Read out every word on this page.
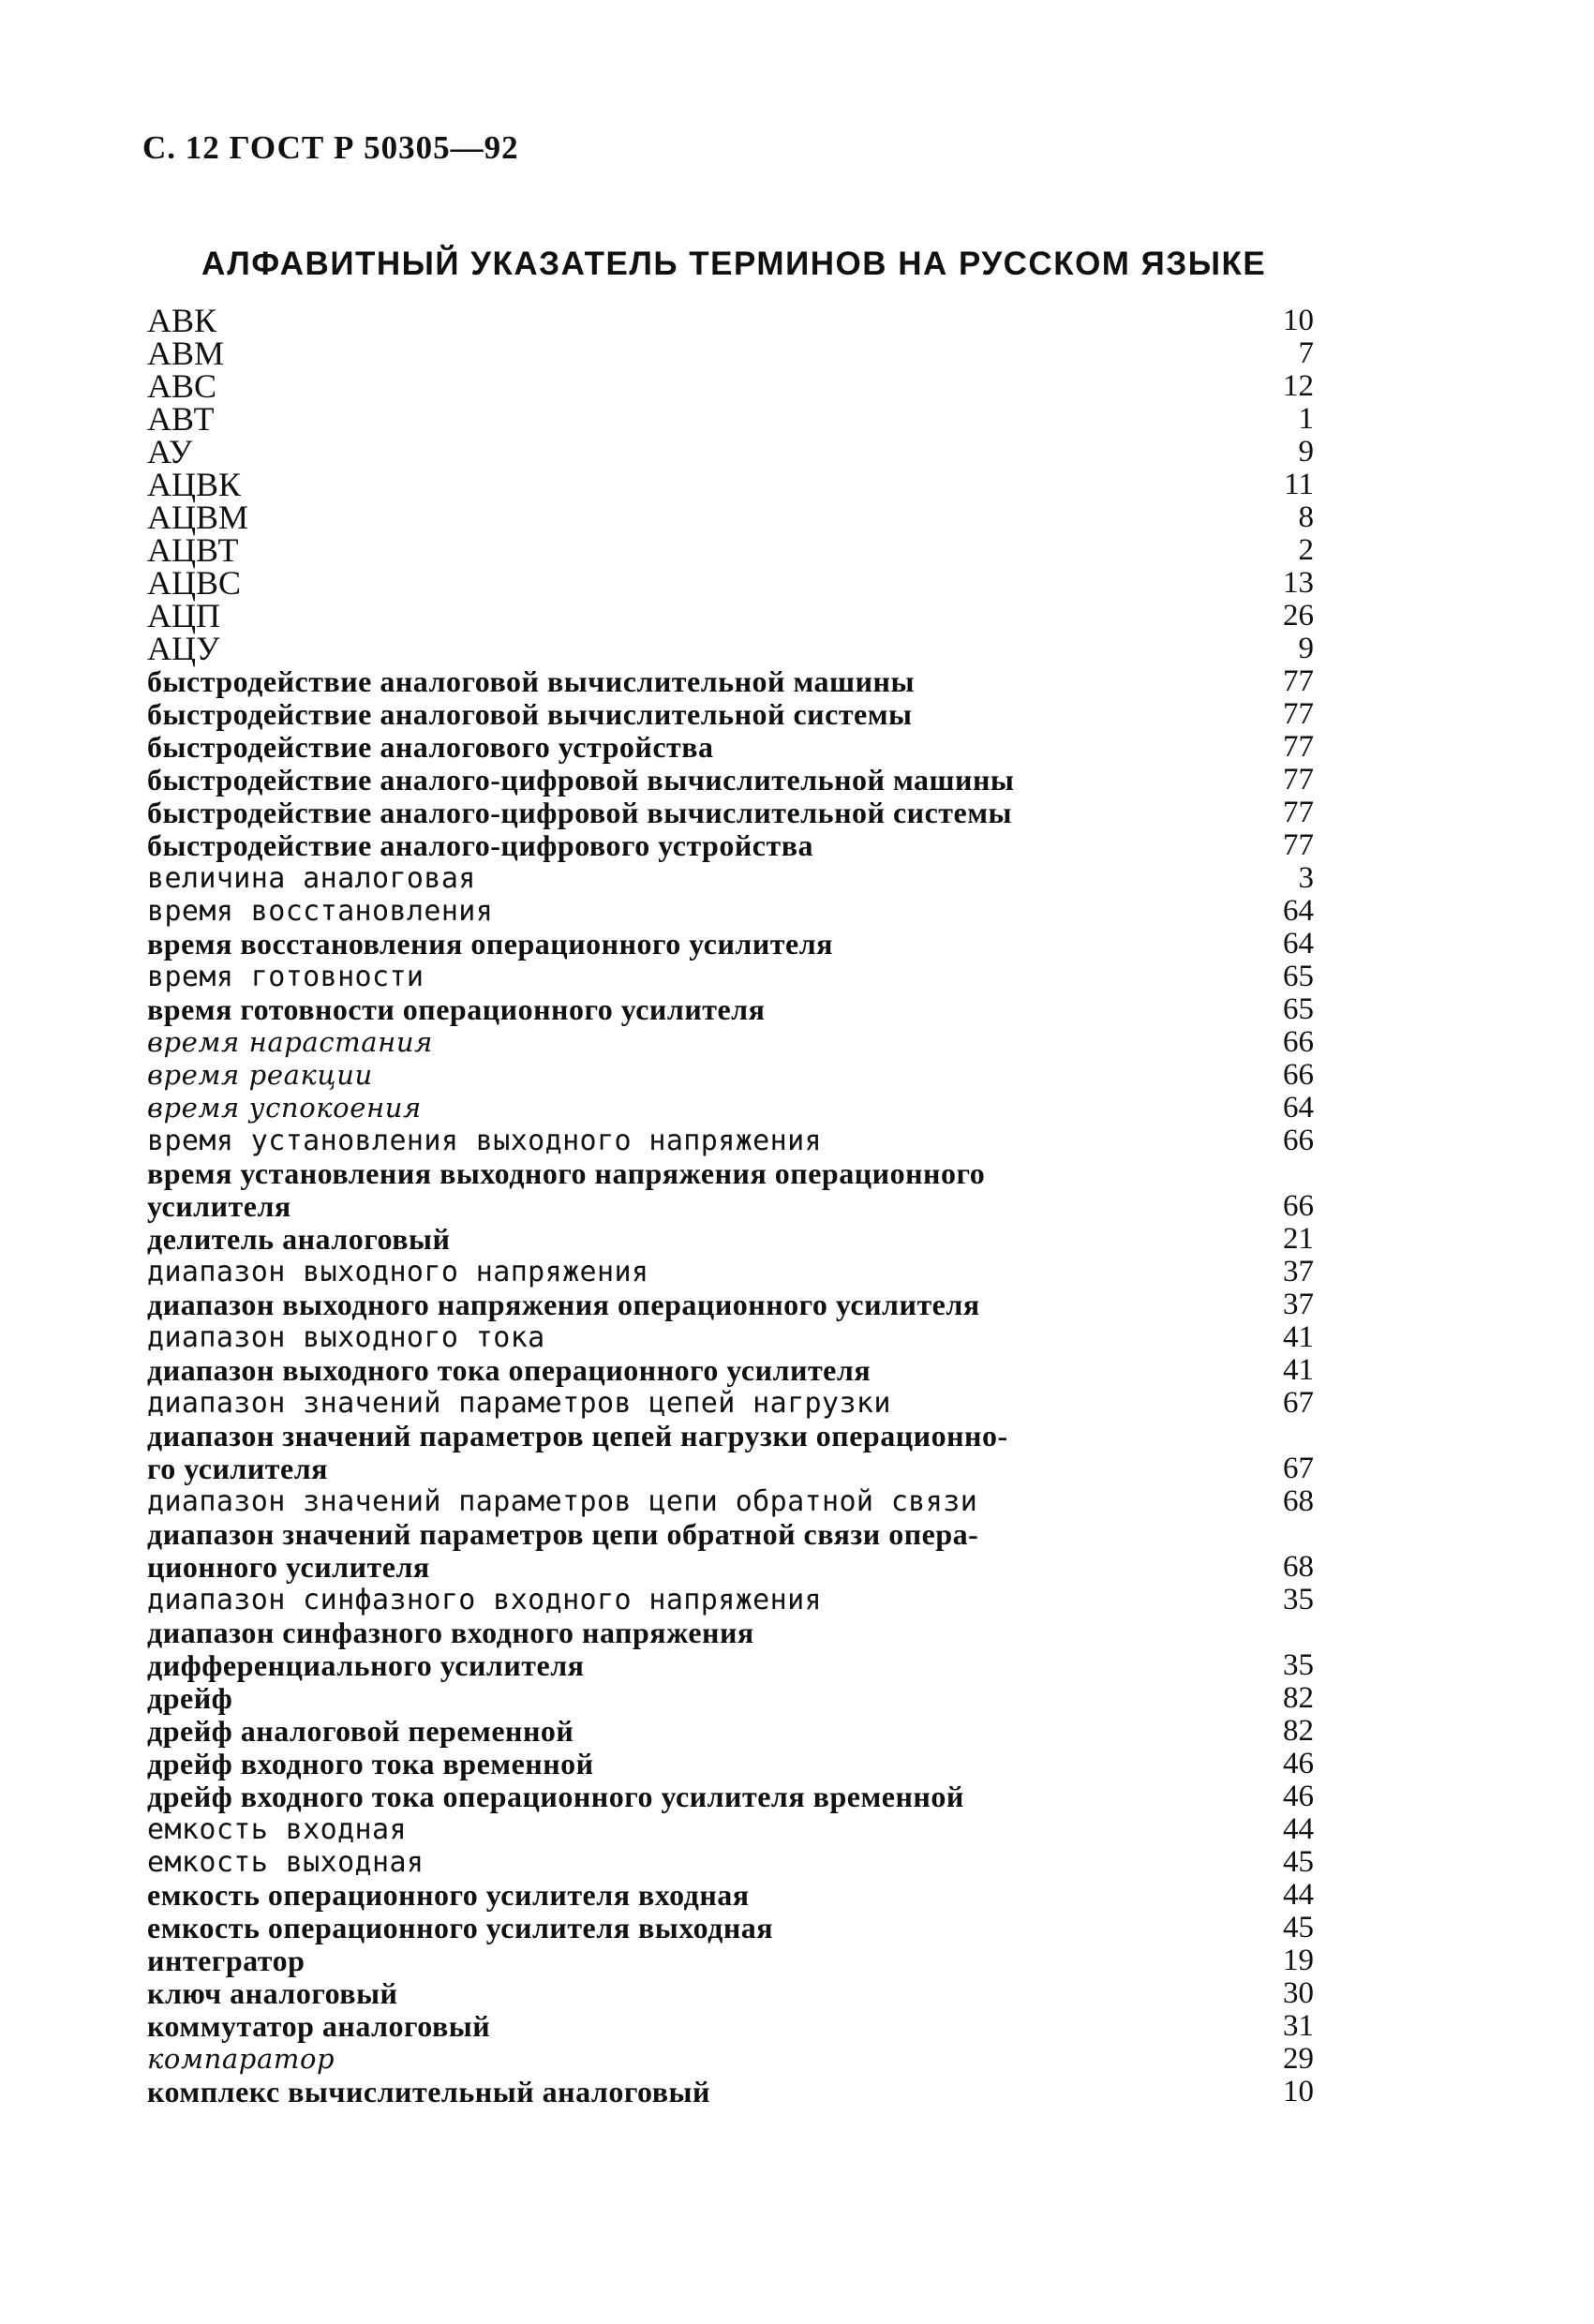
С. 12 ГОСТ Р 50305—92
АЛФАВИТНЫЙ УКАЗАТЕЛЬ ТЕРМИНОВ НА РУССКОМ ЯЗЫКЕ
АВК	10
АВМ	7
АВС	12
АВТ	1
АУ	9
АЦВК	11
АЦВМ	8
АЦВТ	2
АЦВС	13
АЦП	26
АЦУ	9
быстродействие аналоговой вычислительной машины	77
быстродействие аналоговой вычислительной системы	77
быстродействие аналогового устройства	77
быстродействие аналого-цифровой вычислительной машины	77
быстродействие аналого-цифровой вычислительной системы	77
быстродействие аналого-цифрового устройства	77
величина аналоговая	3
время восстановления	64
время восстановления операционного усилителя	64
время готовности	65
время готовности операционного усилителя	65
время нарастания	66
время реакции	66
время успокоения	64
время установления выходного напряжения	66
время установления выходного напряжения операционного
усилителя	66
делитель аналоговый	21
диапазон выходного напряжения	37
диапазон выходного напряжения операционного усилителя	37
диапазон выходного тока	41
диапазон выходного тока операционного усилителя	41
диапазон значений параметров цепей нагрузки	67
диапазон значений параметров цепей нагрузки операционно-
го усилителя	67
диапазон значений параметров цепи обратной связи	68
диапазон значений параметров цепи обратной связи опера-
ционного усилителя	68
диапазон синфазного входного напряжения	35
диапазон синфазного входного напряжения
дифференциального усилителя	35
дрейф	82
дрейф аналоговой переменной	82
дрейф входного тока временной	46
дрейф входного тока операционного усилителя временной	46
емкость входная	44
емкость выходная	45
емкость операционного усилителя входная	44
емкость операционного усилителя выходная	45
интегратор	19
ключ аналоговый	30
коммутатор аналоговый	31
компаратор	29
комплекс вычислительный аналоговый	10
